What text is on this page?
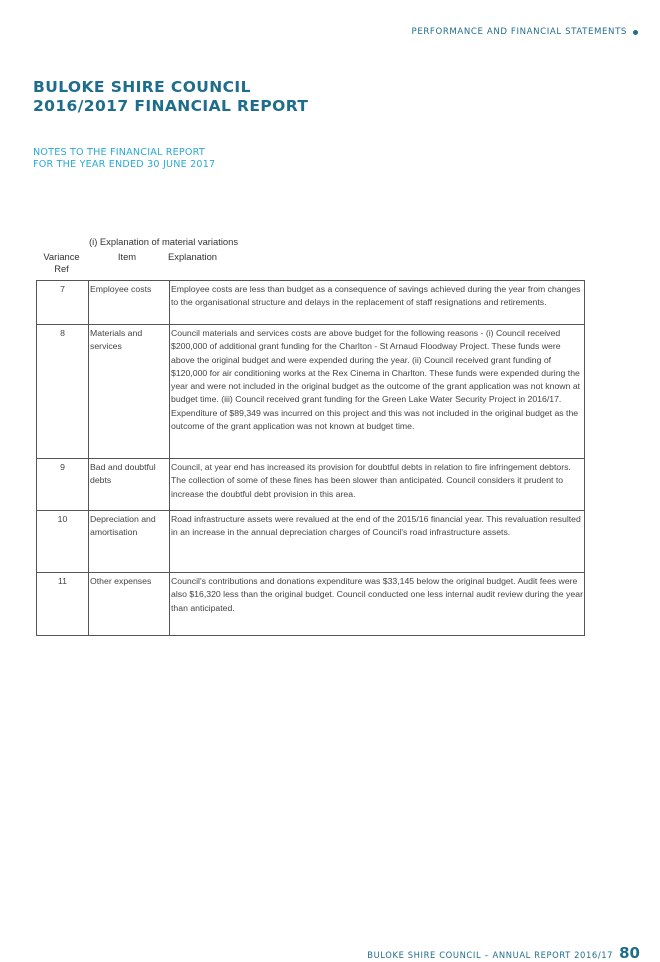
PERFORMANCE AND FINANCIAL STATEMENTS
BULOKE SHIRE COUNCIL
2016/2017 FINANCIAL REPORT
NOTES TO THE FINANCIAL REPORT
FOR THE YEAR ENDED 30 JUNE 2017
(i) Explanation of material variations
Variance
Ref
Item	Explanation
7	Employee costs	Employee costs are less than budget as a consequence of savings achieved during the year from changes to the organisational structure and delays in the replacement of staff resignations and retirements.
8	Materials and services	Council materials and services costs are above budget for the following reasons - (i) Council received $200,000 of additional grant funding for the Charlton - St Arnaud Floodway Project. These funds were above the original budget and were expended during the year. (ii) Council received grant funding of $120,000 for air conditioning works at the Rex Cinema in Charlton. These funds were expended during the year and were not included in the original budget as the outcome of the grant application was not known at budget time. (iii) Council received grant funding for the Green Lake Water Security Project in 2016/17. Expenditure of $89,349 was incurred on this project and this was not included in the original budget as the outcome of the grant application was not known at budget time.
9	Bad and doubtful debts	Council, at year end has increased its provision for doubtful debts in relation to fire infringement debtors. The collection of some of these fines has been slower than anticipated. Council considers it prudent to increase the doubtful debt provision in this area.
10	Depreciation and amortisation	Road infrastructure assets were revalued at the end of the 2015/16 financial year. This revaluation resulted in an increase in the annual depreciation charges of Council's road infrastructure assets.
11	Other expenses	Council's contributions and donations expenditure was $33,145 below the original budget. Audit fees were also $16,320 less than the original budget. Council conducted one less internal audit review during the year than anticipated.
BULOKE SHIRE COUNCIL – ANNUAL REPORT 2016/17 80
